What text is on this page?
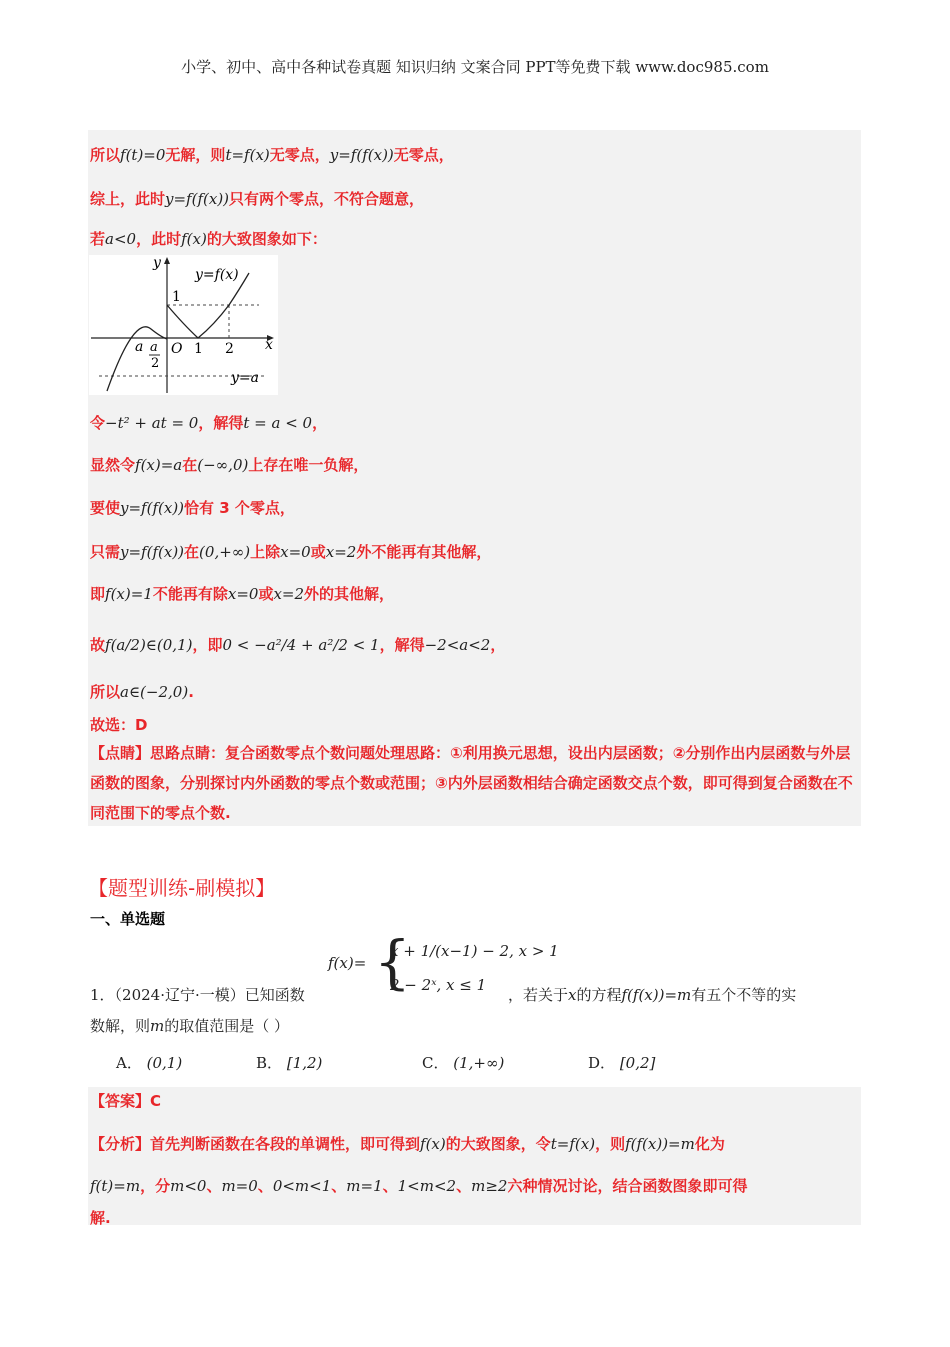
小学、初中、高中各种试卷真题 知识归纳 文案合同 PPT等免费下载 www.doc985.com
所以f(t)=0无解，则t=f(x)无零点，y=f(f(x))无零点，
综上，此时y=f(f(x))只有两个零点，不符合题意，
若a<0，此时f(x)的大致图象如下：
y
y=f(x)
1
a a
2
O 1 2 x
y=a
令−t² + at = 0，解得t = a < 0，
显然令f(x)=a在(−∞,0)上存在唯一负解，
要使y=f(f(x))恰有 3 个零点，
只需y=f(f(x))在(0,+∞)上除x=0或x=2外不能再有其他解，
即f(x)=1不能再有除x=0或x=2外的其他解，
故f(a/2)∈(0,1)，即0 < −a²/4 + a²/2 < 1，解得−2<a<2，
所以a∈(−2,0).
故选：D
【点睛】思路点睛：复合函数零点个数问题处理思路：①利用换元思想，设出内层函数；②分别作出内层函数与外层函数的图象，分别探讨内外函数的零点个数或范围；③内外层函数相结合确定函数交点个数，即可得到复合函数在不同范围下的零点个数.
【题型训练-刷模拟】
一、单选题
1．（2024·辽宁·一模）已知函数
f(x)= {
x + 1/(x−1) − 2, x > 1
2 − 2ˣ, x ≤ 1
，若关于x的方程f(f(x))=m有五个不等的实
数解，则m的取值范围是（ ）
A． (0,1)	B． [1,2)	C． (1,+∞)	D． [0,2]
【答案】C
【分析】首先判断函数在各段的单调性，即可得到f(x)的大致图象，令t=f(x)，则f(f(x))=m化为
f(t)=m，分m<0、m=0、0<m<1、m=1、1<m<2、m≥2六种情况讨论，结合函数图象即可得
解.
